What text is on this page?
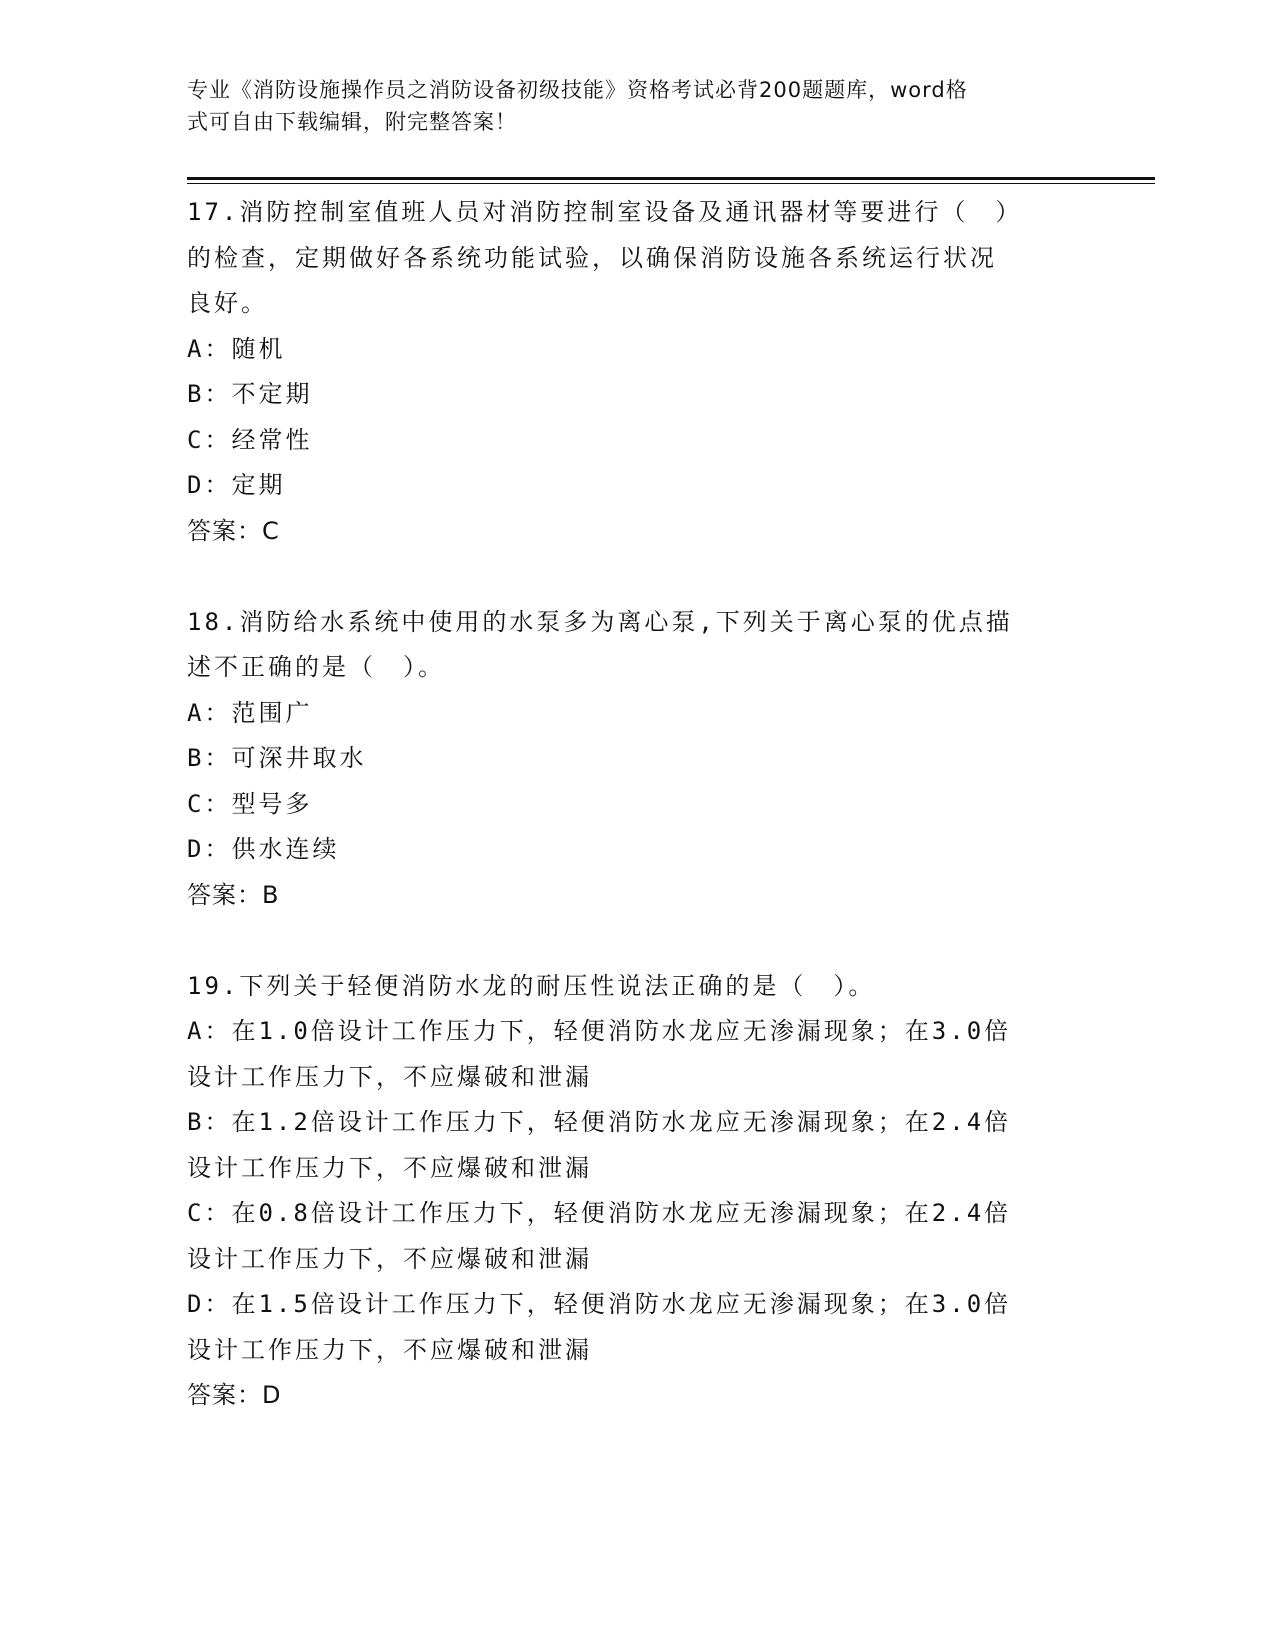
专业《消防设施操作员之消防设备初级技能》资格考试必背200题题库，word格
式可自由下载编辑，附完整答案！
17.消防控制室值班人员对消防控制室设备及通讯器材等要进行（　）
的检查，定期做好各系统功能试验，以确保消防设施各系统运行状况
良好。
A：随机
B：不定期
C：经常性
D：定期
答案：C
18.消防给水系统中使用的水泵多为离心泵,下列关于离心泵的优点描
述不正确的是（　）。
A：范围广
B：可深井取水
C：型号多
D：供水连续
答案：B
19.下列关于轻便消防水龙的耐压性说法正确的是（　）。
A：在1.0倍设计工作压力下，轻便消防水龙应无渗漏现象；在3.0倍
设计工作压力下，不应爆破和泄漏
B：在1.2倍设计工作压力下，轻便消防水龙应无渗漏现象；在2.4倍
设计工作压力下，不应爆破和泄漏
C：在0.8倍设计工作压力下，轻便消防水龙应无渗漏现象；在2.4倍
设计工作压力下，不应爆破和泄漏
D：在1.5倍设计工作压力下，轻便消防水龙应无渗漏现象；在3.0倍
设计工作压力下，不应爆破和泄漏
答案：D
